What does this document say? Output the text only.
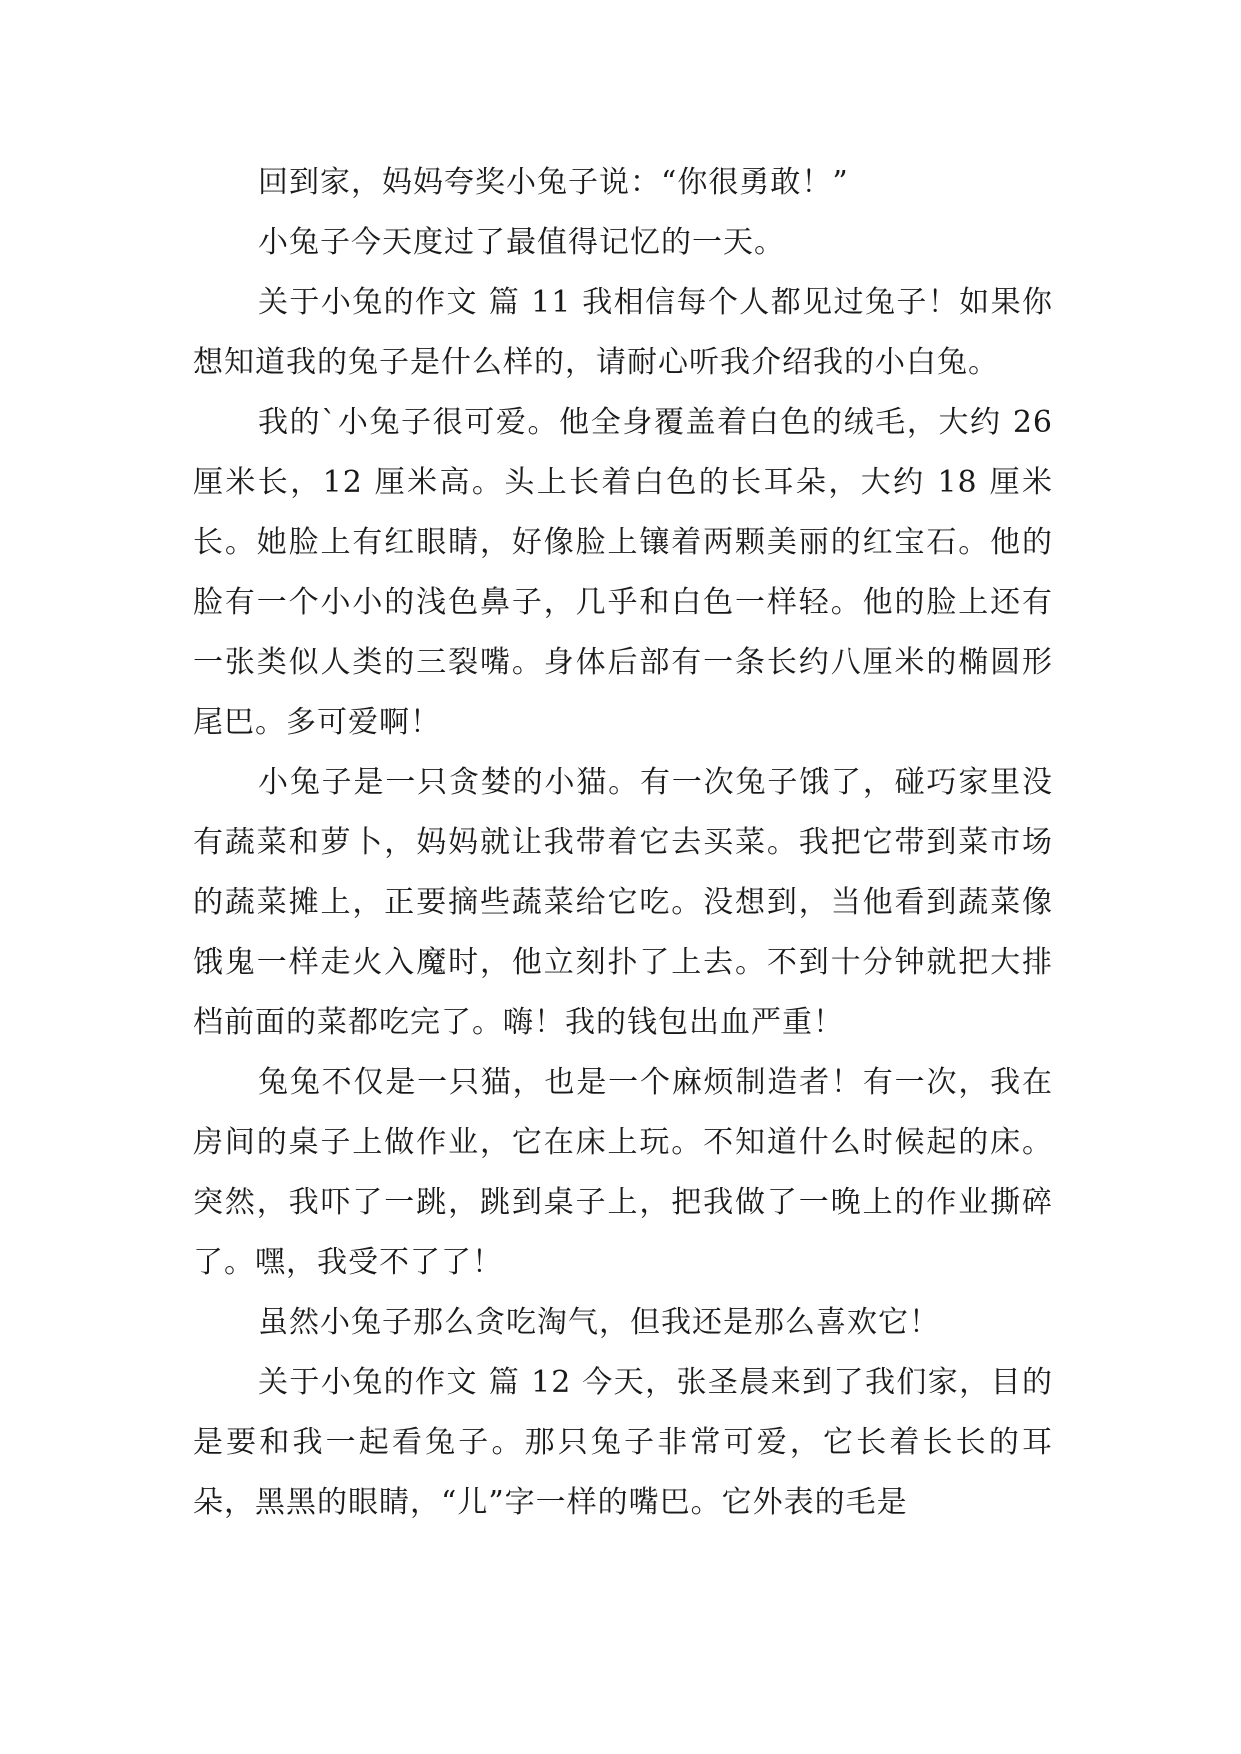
回到家，妈妈夸奖小兔子说：“你很勇敢！”

小兔子今天度过了最值得记忆的一天。

关于小兔的作文 篇 11 我相信每个人都见过兔子！如果你想知道我的兔子是什么样的，请耐心听我介绍我的小白兔。

我的`小兔子很可爱。他全身覆盖着白色的绒毛，大约 26 厘米长，12 厘米高。头上长着白色的长耳朵，大约 18 厘米长。她脸上有红眼睛，好像脸上镶着两颗美丽的红宝石。他的脸有一个小小的浅色鼻子，几乎和白色一样轻。他的脸上还有一张类似人类的三裂嘴。身体后部有一条长约八厘米的椭圆形尾巴。多可爱啊！

小兔子是一只贪婪的小猫。有一次兔子饿了，碰巧家里没有蔬菜和萝卜，妈妈就让我带着它去买菜。我把它带到菜市场的蔬菜摊上，正要摘些蔬菜给它吃。没想到，当他看到蔬菜像饿鬼一样走火入魔时，他立刻扑了上去。不到十分钟就把大排档前面的菜都吃完了。嗨！我的钱包出血严重！

兔兔不仅是一只猫，也是一个麻烦制造者！有一次，我在房间的桌子上做作业，它在床上玩。不知道什么时候起的床。突然，我吓了一跳，跳到桌子上，把我做了一晚上的作业撕碎了。嘿，我受不了了！

虽然小兔子那么贪吃淘气，但我还是那么喜欢它！

关于小兔的作文 篇 12 今天，张圣晨来到了我们家，目的是要和我一起看兔子。那只兔子非常可爱，它长着长长的耳朵，黑黑的眼睛，“儿”字一样的嘴巴。它外表的毛是
